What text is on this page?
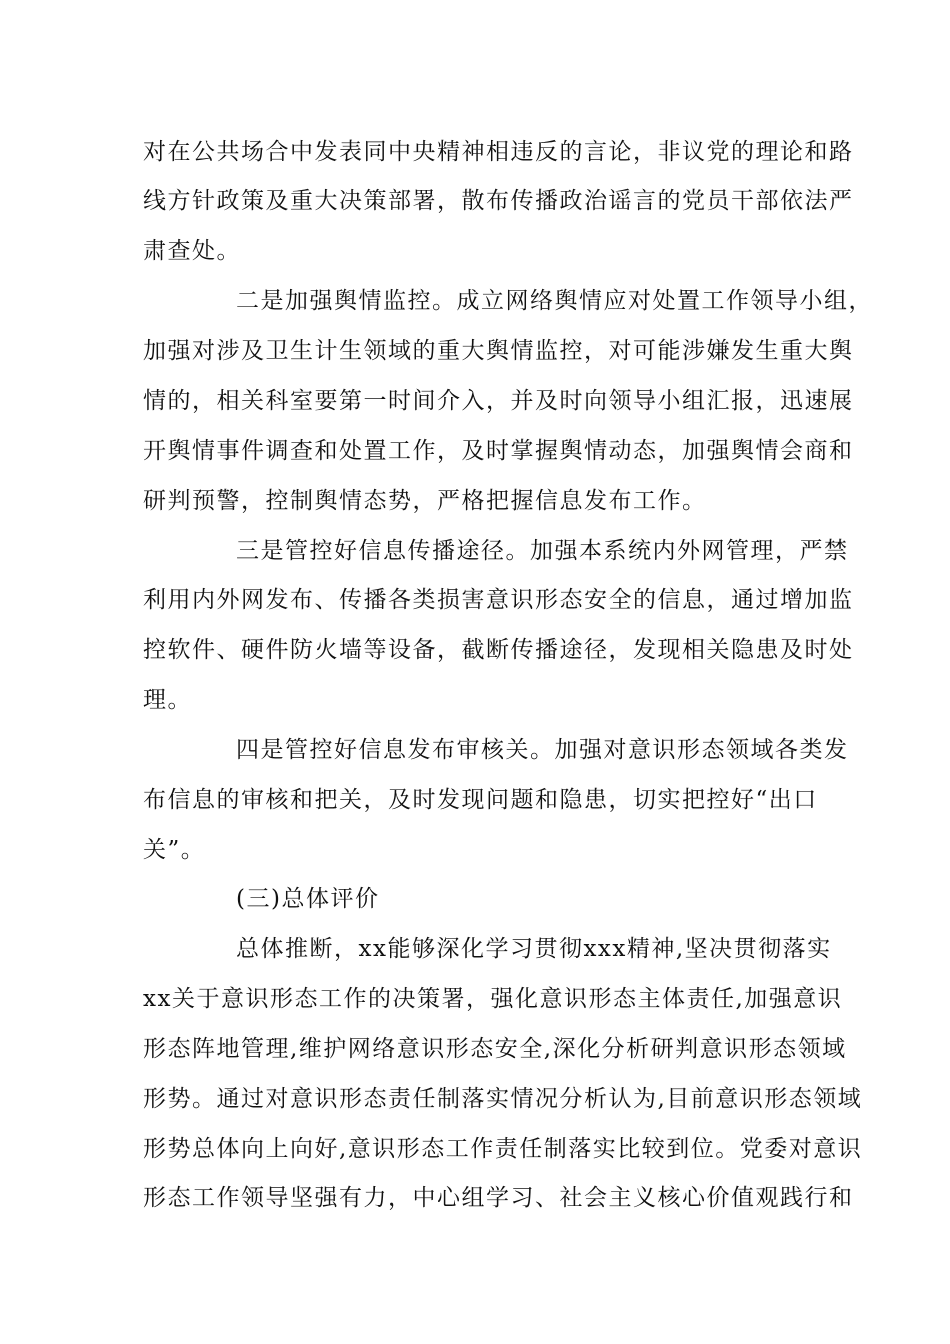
对在公共场合中发表同中央精神相违反的言论，非议党的理论和路
线方针政策及重大决策部署，散布传播政治谣言的党员干部依法严
肃查处。
二是加强舆情监控。成立网络舆情应对处置工作领导小组，
加强对涉及卫生计生领域的重大舆情监控，对可能涉嫌发生重大舆
情的，相关科室要第一时间介入，并及时向领导小组汇报，迅速展
开舆情事件调查和处置工作，及时掌握舆情动态，加强舆情会商和
研判预警，控制舆情态势，严格把握信息发布工作。
三是管控好信息传播途径。加强本系统内外网管理，严禁
利用内外网发布、传播各类损害意识形态安全的信息，通过增加监
控软件、硬件防火墙等设备，截断传播途径，发现相关隐患及时处
理。
四是管控好信息发布审核关。加强对意识形态领域各类发
布信息的审核和把关，及时发现问题和隐患，切实把控好“出口
关”。
(三)总体评价
总体推断，xx能够深化学习贯彻xxx精神,坚决贯彻落实
xx关于意识形态工作的决策署，强化意识形态主体责任,加强意识
形态阵地管理,维护网络意识形态安全,深化分析研判意识形态领域
形势。通过对意识形态责任制落实情况分析认为,目前意识形态领域
形势总体向上向好,意识形态工作责任制落实比较到位。党委对意识
形态工作领导坚强有力，中心组学习、社会主义核心价值观践行和
